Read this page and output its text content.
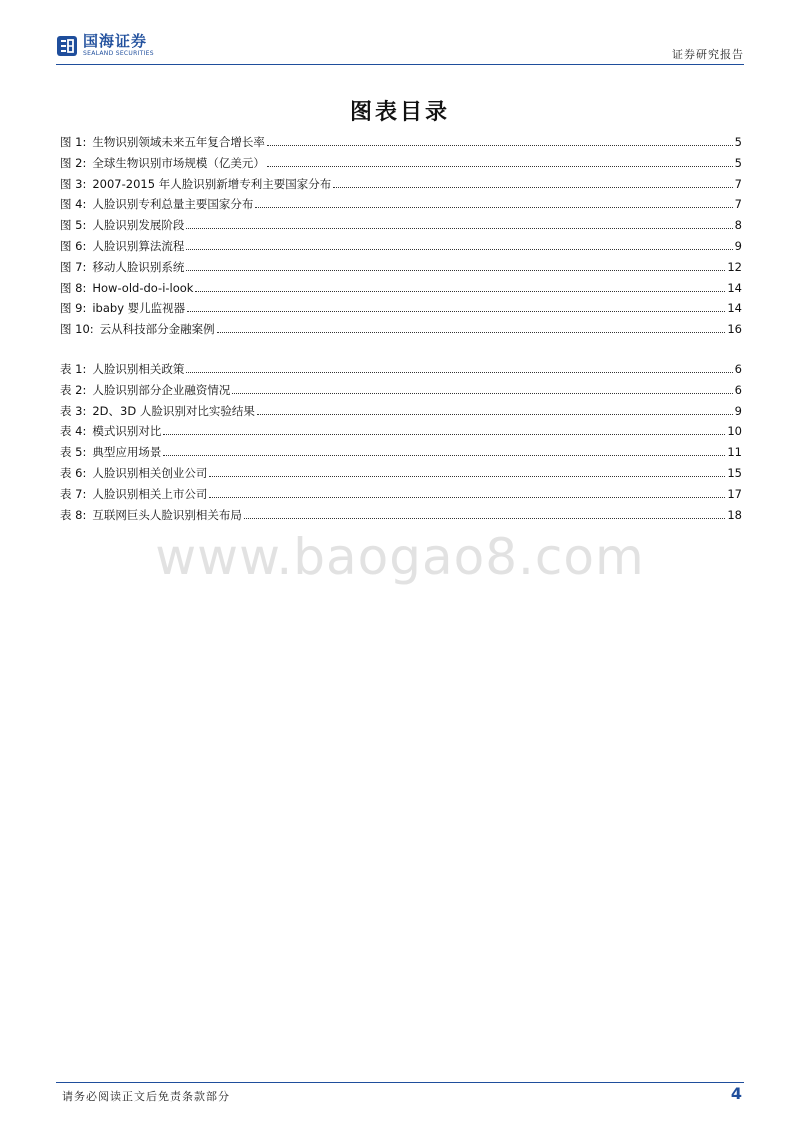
国海证券
SEALAND SECURITIES	证券研究报告
图表目录
图 1: 生物识别领域未来五年复合增长率	5
图 2: 全球生物识别市场规模（亿美元）	5
图 3: 2007-2015 年人脸识别新增专利主要国家分布	7
图 4: 人脸识别专利总量主要国家分布	7
图 5: 人脸识别发展阶段	8
图 6: 人脸识别算法流程	9
图 7: 移动人脸识别系统	12
图 8: How-old-do-i-look	14
图 9: ibaby 婴儿监视器	14
图 10: 云从科技部分金融案例	16
表 1: 人脸识别相关政策	6
表 2: 人脸识别部分企业融资情况	6
表 3: 2D、3D 人脸识别对比实验结果	9
表 4: 模式识别对比	10
表 5: 典型应用场景	11
表 6: 人脸识别相关创业公司	15
表 7: 人脸识别相关上市公司	17
表 8: 互联网巨头人脸识别相关布局	18
www.baogao8.com
请务必阅读正文后免责条款部分	4
